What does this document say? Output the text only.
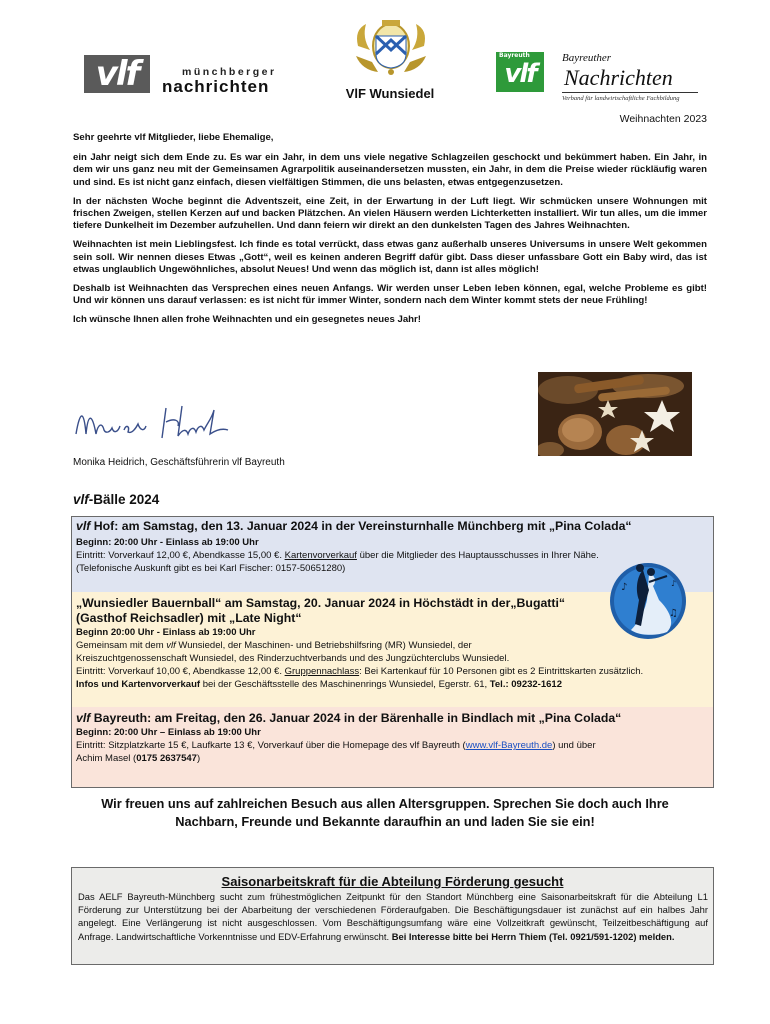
vlf	münchberger
nachrichten	VlF Wunsiedel
Bayreuth
vlf
Bayreuther
Nachrichten
Verband für landwirtschaftliche Fachbildung
Weihnachten 2023

Sehr geehrte vlf Mitglieder, liebe Ehemalige,

ein Jahr neigt sich dem Ende zu. Es war ein Jahr, in dem uns viele negative Schlagzeilen geschockt und bekümmert haben. Ein Jahr, in dem wir uns ganz neu mit der Gemeinsamen Agrarpolitik auseinandersetzen mussten, ein Jahr, in dem die Preise wieder rückläufig waren und sind. Es ist nicht ganz einfach, diesen vielfältigen Stimmen, die uns belasten, etwas entgegenzusetzen.

In der nächsten Woche beginnt die Adventszeit, eine Zeit, in der Erwartung in der Luft liegt. Wir schmücken unsere Wohnungen mit frischen Zweigen, stellen Kerzen auf und backen Plätzchen. An vielen Häusern werden Lichterketten installiert. Wir tun alles, um die immer tiefere Dunkelheit im Dezember aufzuhellen. Und dann feiern wir direkt an den dunkelsten Tagen des Jahres Weihnachten.

Weihnachten ist mein Lieblingsfest. Ich finde es total verrückt, dass etwas ganz außerhalb unseres Universums in unsere Welt gekommen sein soll. Wir nennen dieses Etwas „Gott“, weil es keinen anderen Begriff dafür gibt. Dass dieser unfassbare Gott ein Baby wird, das ist etwas unglaublich Ungewöhnliches, absolut Neues! Und wenn das möglich ist, dann ist alles möglich!

Deshalb ist Weihnachten das Versprechen eines neuen Anfangs. Wir werden unser Leben leben können, egal, welche Probleme es gibt! Und wir können uns darauf verlassen: es ist nicht für immer Winter, sondern nach dem Winter kommt stets der neue Frühling!

Ich wünsche Ihnen allen frohe Weihnachten und ein gesegnetes neues Jahr!

Monika Heidrich, Geschäftsführerin vlf Bayreuth
vlf-Bälle 2024
vlf Hof: am Samstag, den 13. Januar 2024 in der Vereinsturnhalle Münchberg mit „Pina Colada“
Beginn: 20:00 Uhr - Einlass ab 19:00 Uhr
Eintritt: Vorverkauf 12,00 €, Abendkasse 15,00 €. Kartenvorverkauf über die Mitglieder des Hauptausschusses in Ihrer Nähe.
(Telefonische Auskunft gibt es bei Karl Fischer: 0157-50651280)
„Wunsiedler Bauernball“ am Samstag, 20. Januar 2024 in Höchstädt in der„Bugatti“
(Gasthof Reichsadler) mit „Late Night“
Beginn 20:00 Uhr - Einlass ab 19:00 Uhr
Gemeinsam mit dem vlf Wunsiedel, der Maschinen- und Betriebshilfsring (MR) Wunsiedel, der
Kreiszuchtgenossenschaft Wunsiedel, des Rinderzuchtverbands und des Jungzüchterclubs Wunsiedel.
Eintritt: Vorverkauf 10,00 €, Abendkasse 12,00 €. Gruppennachlass: Bei Kartenkauf für 10 Personen gibt es 2 Eintrittskarten zusätzlich.
Infos und Kartenvorverkauf bei der Geschäftsstelle des Maschinenrings Wunsiedel, Egerstr. 61, Tel.: 09232-1612
vlf Bayreuth: am Freitag, den 26. Januar 2024 in der Bärenhalle in Bindlach mit „Pina Colada“
Beginn: 20:00 Uhr – Einlass ab 19:00 Uhr
Eintritt: Sitzplatzkarte 15 €, Laufkarte 13 €, Vorverkauf über die Homepage des vlf Bayreuth (www.vlf-Bayreuth.de) und über
Achim Masel (0175 2637547)
♪
♫
♪
Wir freuen uns auf zahlreichen Besuch aus allen Altersgruppen. Sprechen Sie doch auch Ihre
Nachbarn, Freunde und Bekannte daraufhin an und laden Sie sie ein!
Saisonarbeitskraft für die Abteilung Förderung gesucht
Das AELF Bayreuth-Münchberg sucht zum frühestmöglichen Zeitpunkt für den Standort Münchberg eine Saisonarbeitskraft für die Abteilung L1 Förderung zur Unterstützung bei der Abarbeitung der verschiedenen Förderaufgaben. Die Beschäftigungsdauer ist zunächst auf ein halbes Jahr angelegt. Eine Verlängerung ist nicht ausgeschlossen. Vom Beschäftigungsumfang wäre eine Vollzeitkraft gewünscht, Teilzeitbeschäftigung auf Anfrage. Landwirtschaftliche Vorkenntnisse und EDV-Erfahrung erwünscht. Bei Interesse bitte bei Herrn Thiem (Tel. 0921/591-1202) melden.
